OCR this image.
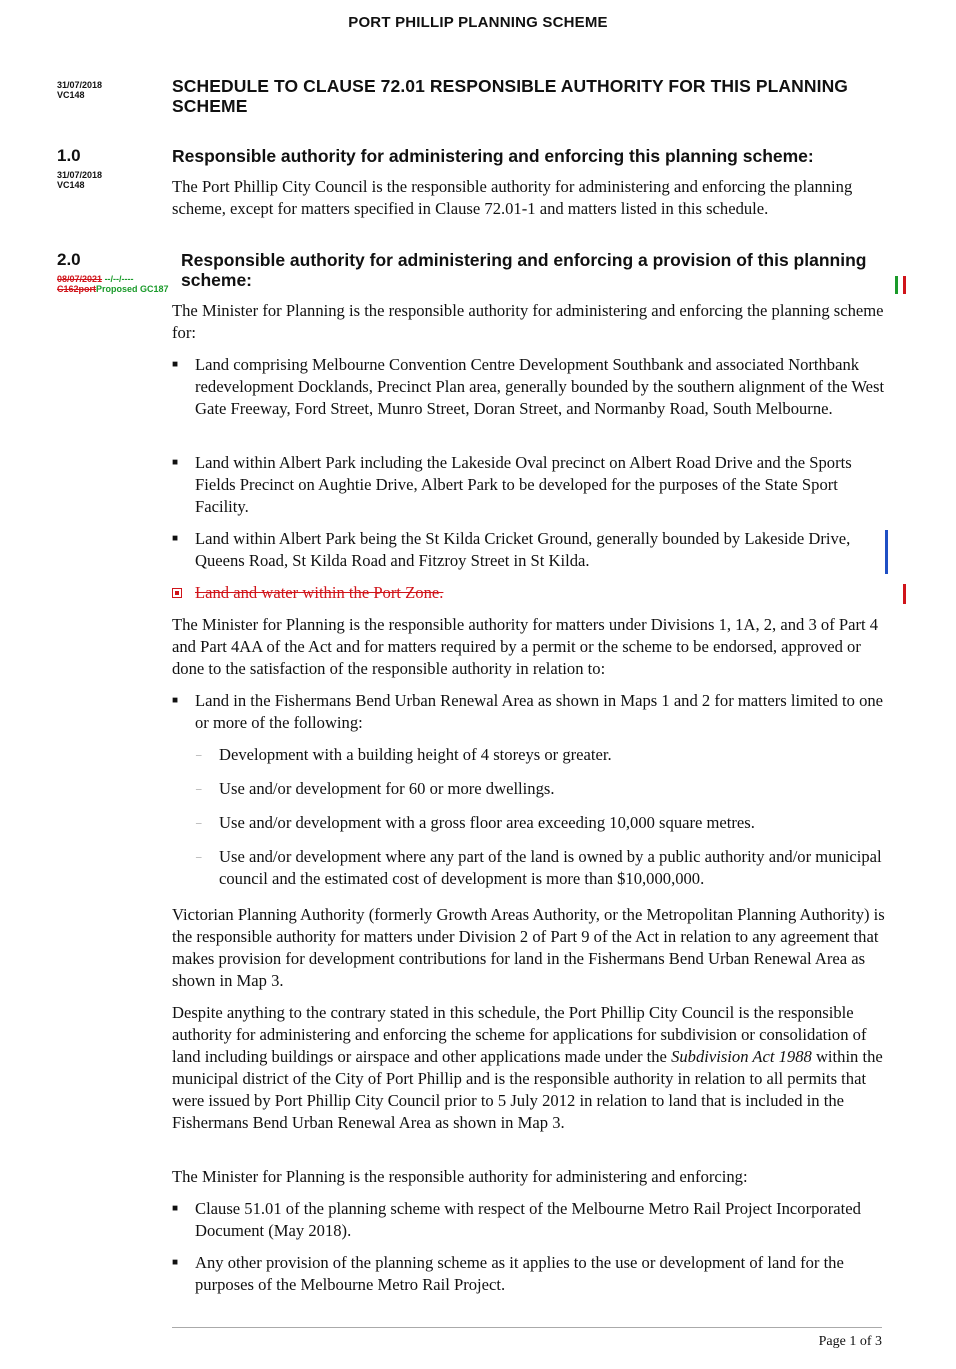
PORT PHILLIP PLANNING SCHEME
31/07/2018
VC148	SCHEDULE TO CLAUSE 72.01 RESPONSIBLE AUTHORITY FOR THIS PLANNING
SCHEME
1.0
31/07/2018
VC148
Responsible authority for administering and enforcing this planning scheme:
The Port Phillip City Council is the responsible authority for administering and enforcing the planning scheme, except for matters specified in Clause 72.01-1 and matters listed in this schedule.
2.0
08/07/2021 --/--/----
C162portProposed GC187
Responsible authority for administering and enforcing a provision of this planning
scheme:
The Minister for Planning is the responsible authority for administering and enforcing the planning scheme for:
■ Land comprising Melbourne Convention Centre Development Southbank and associated Northbank redevelopment Docklands, Precinct Plan area, generally bounded by the southern alignment of the West Gate Freeway, Ford Street, Munro Street, Doran Street, and Normanby Road, South Melbourne.
■ Land within Albert Park including the Lakeside Oval precinct on Albert Road Drive and the Sports Fields Precinct on Aughtie Drive, Albert Park to be developed for the purposes of the State Sport Facility.
■ Land within Albert Park being the St Kilda Cricket Ground, generally bounded by Lakeside Drive, Queens Road, St Kilda Road and Fitzroy Street in St Kilda.
Land and water within the Port Zone.
The Minister for Planning is the responsible authority for matters under Divisions 1, 1A, 2, and 3 of Part 4 and Part 4AA of the Act and for matters required by a permit or the scheme to be endorsed, approved or done to the satisfaction of the responsible authority in relation to:
■ Land in the Fishermans Bend Urban Renewal Area as shown in Maps 1 and 2 for matters limited to one or more of the following:
– Development with a building height of 4 storeys or greater.
– Use and/or development for 60 or more dwellings.
– Use and/or development with a gross floor area exceeding 10,000 square metres.
– Use and/or development where any part of the land is owned by a public authority and/or municipal council and the estimated cost of development is more than $10,000,000.
Victorian Planning Authority (formerly Growth Areas Authority, or the Metropolitan Planning Authority) is the responsible authority for matters under Division 2 of Part 9 of the Act in relation to any agreement that makes provision for development contributions for land in the Fishermans Bend Urban Renewal Area as shown in Map 3.
Despite anything to the contrary stated in this schedule, the Port Phillip City Council is the responsible authority for administering and enforcing the scheme for applications for subdivision or consolidation of land including buildings or airspace and other applications made under the Subdivision Act 1988 within the municipal district of the City of Port Phillip and is the responsible authority in relation to all permits that were issued by Port Phillip City Council prior to 5 July 2012 in relation to land that is included in the Fishermans Bend Urban Renewal Area as shown in Map 3.
The Minister for Planning is the responsible authority for administering and enforcing:
■ Clause 51.01 of the planning scheme with respect of the Melbourne Metro Rail Project Incorporated Document (May 2018).
■ Any other provision of the planning scheme as it applies to the use or development of land for the purposes of the Melbourne Metro Rail Project.
Page 1 of 3
